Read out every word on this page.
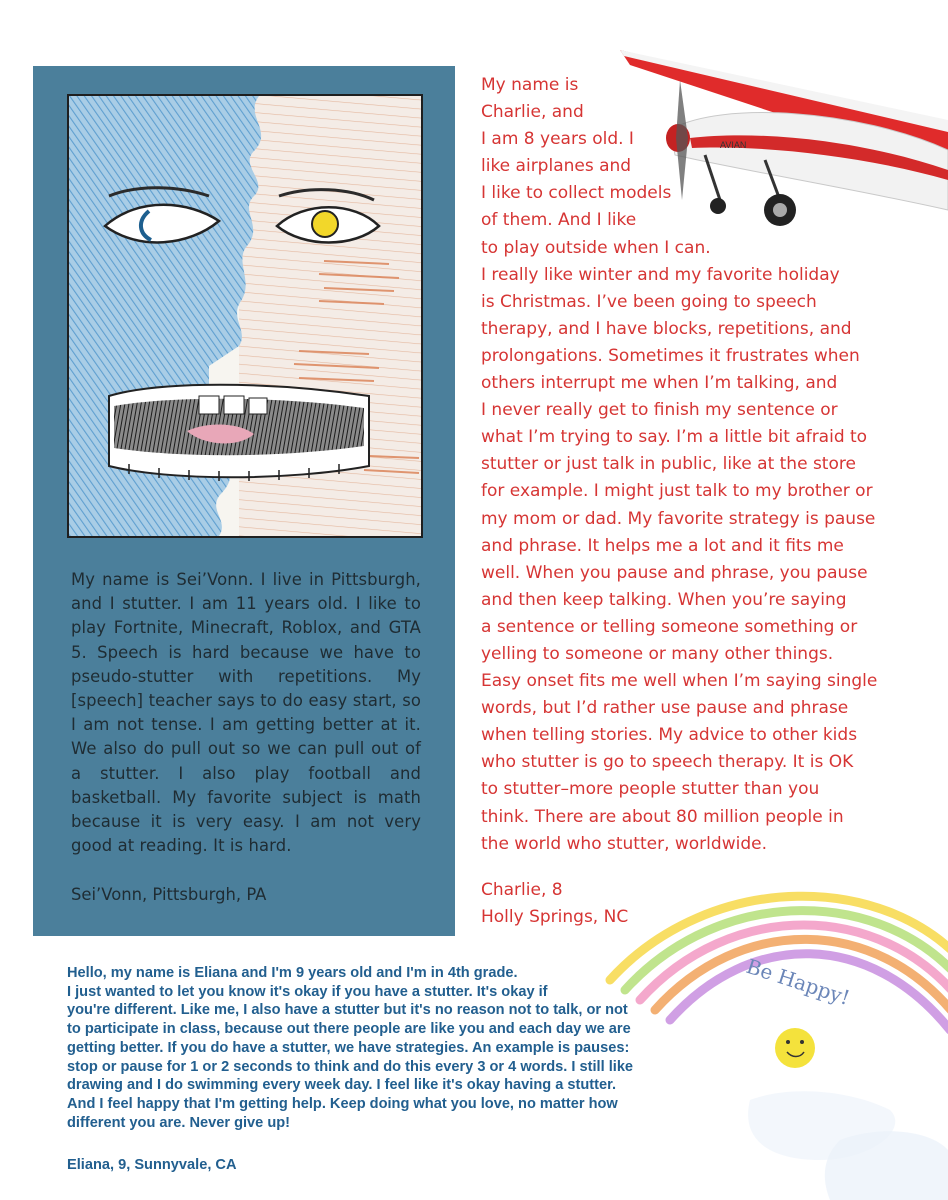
My name is Sei’Vonn. I live in Pittsburgh, and I stutter. I am 11 years old. I like to play Fortnite, Minecraft, Roblox, and GTA 5. Speech is hard because we have to pseudo-stutter with repetitions. My [speech] teacher says to do easy start, so I am not tense. I am getting better at it. We also do pull out so we can pull out of a stutter. I also play football and basketball. My favorite subject is math because it is very easy. I am not very good at reading. It is hard.
Sei’Vonn, Pittsburgh, PA
AVIAN
My name is
Charlie, and
I am 8 years old. I
like airplanes and
I like to collect models
of them. And I like
to play outside when I can.
I really like winter and my favorite holiday
is Christmas. I’ve been going to speech
therapy, and I have blocks, repetitions, and
prolongations. Sometimes it frustrates when
others interrupt me when I’m talking, and
I never really get to finish my sentence or
what I’m trying to say. I’m a little bit afraid to
stutter or just talk in public, like at the store
for example. I might just talk to my brother or
my mom or dad. My favorite strategy is pause
and phrase. It helps me a lot and it fits me
well. When you pause and phrase, you pause
and then keep talking. When you’re saying
a sentence or telling someone something or
yelling to someone or many other things.
Easy onset fits me well when I’m saying single
words, but I’d rather use pause and phrase
when telling stories. My advice to other kids
who stutter is go to speech therapy. It is OK
to stutter–more people stutter than you
think. There are about 80 million people in
the world who stutter, worldwide.
Charlie, 8
Holly Springs, NC
Be Happy!
Hello, my name is Eliana and I'm 9 years old and I'm in 4th grade.
I just wanted to let you know it's okay if you have a stutter. It's okay if
you're different. Like me, I also have a stutter but it's no reason not to talk, or not
to participate in class, because out there people are like you and each day we are
getting better. If you do have a stutter, we have strategies. An example is pauses:
stop or pause for 1 or 2 seconds to think and do this every 3 or 4 words. I still like
drawing and I do swimming every week day. I feel like it's okay having a stutter.
And I feel happy that I'm getting help. Keep doing what you love, no matter how
different you are. Never give up!
Eliana, 9, Sunnyvale, CA
